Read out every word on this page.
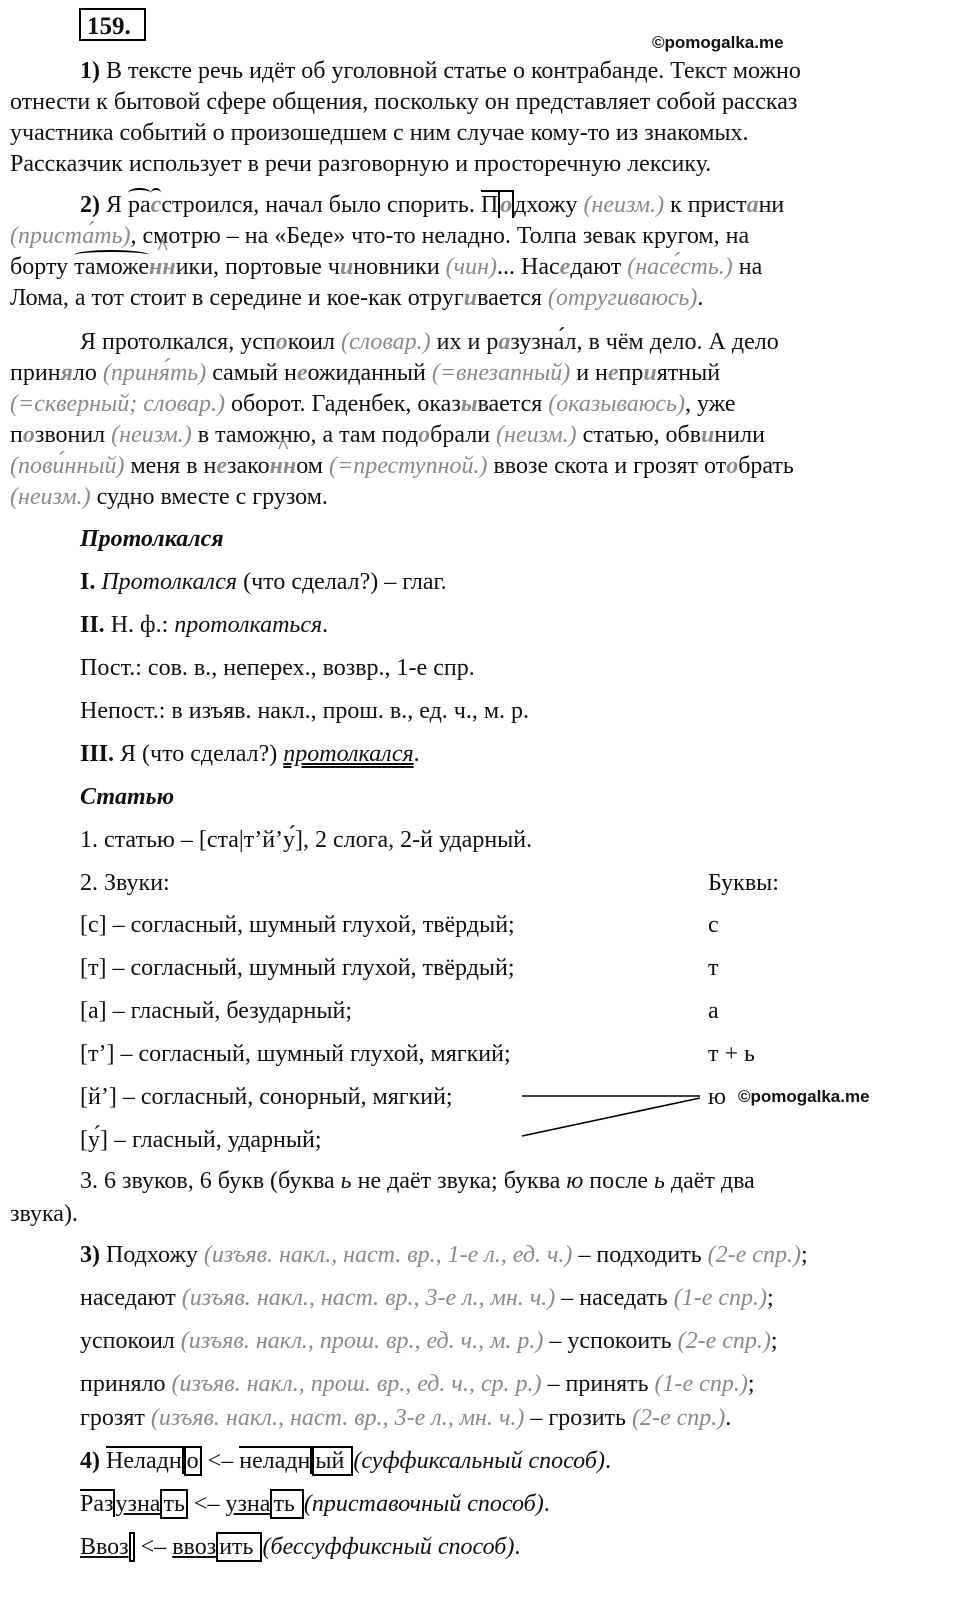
159.
©pomogalka.me
1) В тексте речь идёт об уголовной статье о контрабанде. Текст можно
отнести к бытовой сфере общения, поскольку он представляет собой рассказ
участника событий о произошедшем с ним случае кому-то из знакомых.
Рассказчик использует в речи разговорную и просторечную лексику.
2) Я расстроился, начал было спорить. Подхожу (неизм.) к пристани
(приста́ть), смотрю – на «Беде» что-то неладно. Толпа зевак кругом, на
борту таможе^ нники, портовые чиновники (чин)... Наседают (насе́сть.) на
Лома, а тот стоит в середине и кое-как отругивается (отругиваюсь).
Я протолкался, успокоил (словар.) их и разузна́л, в чём дело. А дело
приняло (приня́ть) самый неожиданный (=внезапный) и неприятный
(=скверный; словар.) оборот. Гаденбек, оказывается (оказываюсь), уже
позвонил (неизм.) в таможню, а там подобрали (неизм.) статью, обвинили
(пови́нный) меня в незако^ нном (=преступной.) ввозе скота и грозят отобрать
(неизм.) судно вместе с грузом.
Протолкался
I. Протолкался (что сделал?) – глаг.
II. Н. ф.: протолкаться.
Пост.: сов. в., неперех., возвр., 1-е спр.
Непост.: в изъяв. накл., прош. в., ед. ч., м. р.
III. Я (что сделал?) протолкался.
Статью
1. статью – [ста|т’й’у́], 2 слога, 2-й ударный.
2. Звуки:	Буквы:
[с] – согласный, шумный глухой, твёрдый;	с
[т] – согласный, шумный глухой, твёрдый;	т
[а] – гласный, безударный;	а
[т’] – согласный, шумный глухой, мягкий;	т + ь
[й’] – согласный, сонорный, мягкий;	ю ©pomogalka.me
[у́] – гласный, ударный;
3. 6 звуков, 6 букв (буква ь не даёт звука; буква ю после ь даёт два
звука).
3) Подхожу (изъяв. накл., наст. вр., 1-е л., ед. ч.) – подходить (2-е спр.);
наседают (изъяв. накл., наст. вр., 3-е л., мн. ч.) – наседать (1-е спр.);
успокоил (изъяв. накл., прош. вр., ед. ч., м. р.) – успокоить (2-е спр.);
приняло (изъяв. накл., прош. вр., ед. ч., ср. р.) – принять (1-е спр.);
грозят (изъяв. накл., наст. вр., 3-е л., мн. ч.) – грозить (2-е спр.).
4) Неладн о <– неладн ый (суффиксальный способ).
Разузна ть <– узна ть (приставочный способ).
Ввоз <– ввоз ить (бессуффиксный способ).
